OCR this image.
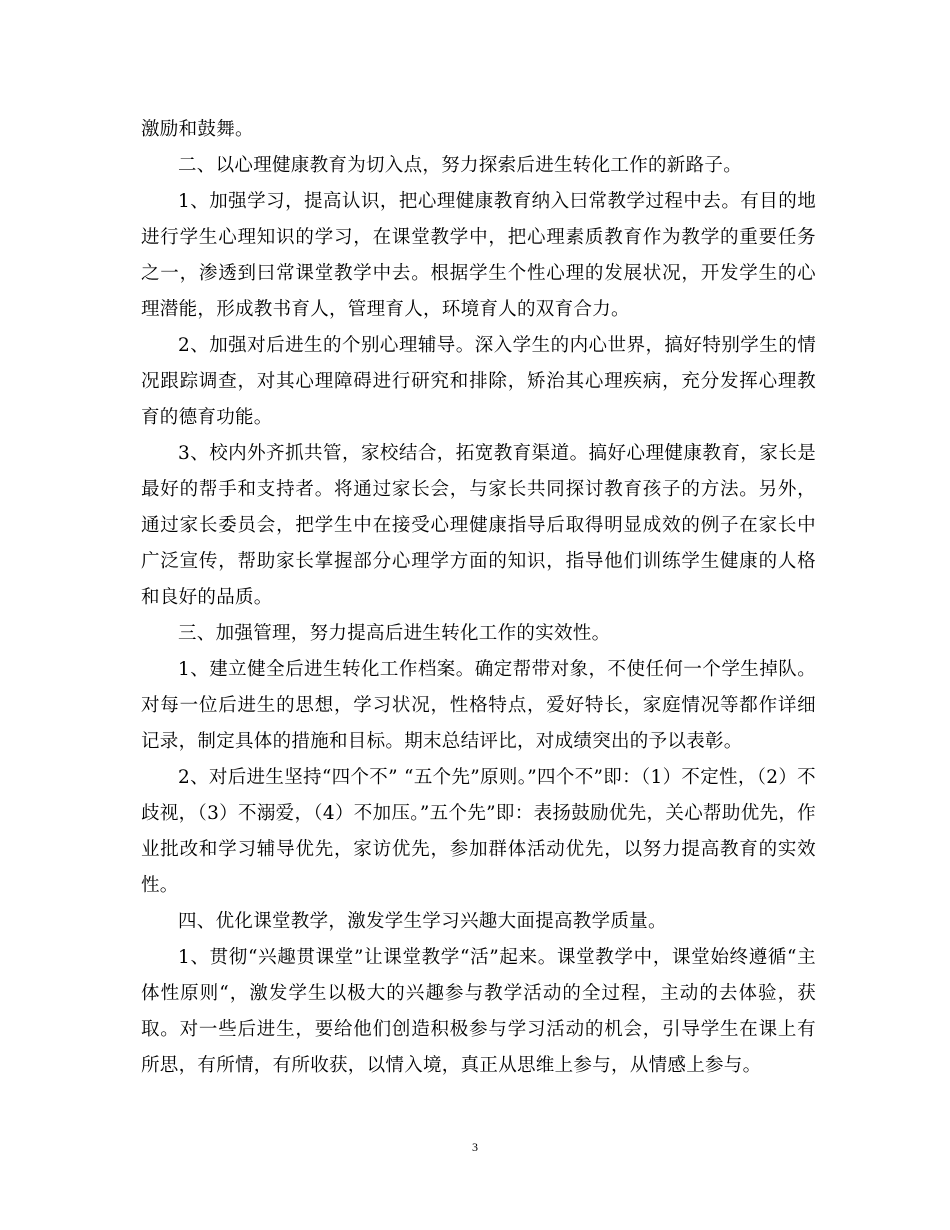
激励和鼓舞。

二、以心理健康教育为切入点，努力探索后进生转化工作的新路子。

1、加强学习，提高认识，把心理健康教育纳入曰常教学过程中去。有目的地进行学生心理知识的学习，在课堂教学中，把心理素质教育作为教学的重要任务之一，渗透到曰常课堂教学中去。根据学生个性心理的发展状况，开发学生的心理潜能，形成教书育人，管理育人，环境育人的双育合力。

2、加强对后进生的个别心理辅导。深入学生的内心世界，搞好特别学生的情况跟踪调查，对其心理障碍进行研究和排除，矫治其心理疾病，充分发挥心理教育的德育功能。

3、校内外齐抓共管，家校结合，拓宽教育渠道。搞好心理健康教育，家长是最好的帮手和支持者。将通过家长会，与家长共同探讨教育孩子的方法。另外，通过家长委员会，把学生中在接受心理健康指导后取得明显成效的例子在家长中广泛宣传，帮助家长掌握部分心理学方面的知识，指导他们训练学生健康的人格和良好的品质。

三、加强管理，努力提高后进生转化工作的实效性。

1、建立健全后进生转化工作档案。确定帮带对象，不使任何一个学生掉队。对每一位后进生的思想，学习状况，性格特点，爱好特长，家庭情况等都作详细记录，制定具体的措施和目标。期末总结评比，对成绩突出的予以表彰。

2、对后进生坚持“四个不” “五个先”原则。”四个不”即：（1）不定性，（2）不歧视，（3）不溺爱，（4）不加压。”五个先”即：表扬鼓励优先，关心帮助优先，作业批改和学习辅导优先，家访优先，参加群体活动优先，以努力提高教育的实效性。

四、优化课堂教学，激发学生学习兴趣大面提高教学质量。

1、贯彻“兴趣贯课堂”让课堂教学“活”起来。课堂教学中，课堂始终遵循“主体性原则“，激发学生以极大的兴趣参与教学活动的全过程，主动的去体验，获取。对一些后进生，要给他们创造积极参与学习活动的机会，引导学生在课上有所思，有所情，有所收获，以情入境，真正从思维上参与，从情感上参与。

3
